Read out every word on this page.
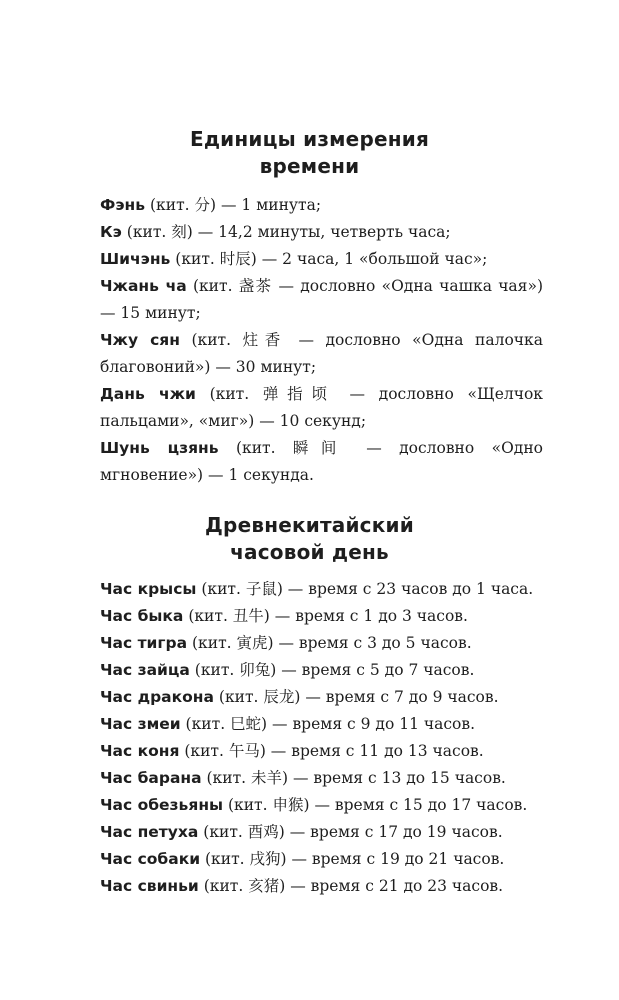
Единицы измерения
времени
Фэнь (кит. 分) — 1 минута;
Кэ (кит. 刻) — 14,2 минуты, четверть часа;
Шичэнь (кит. 时辰) — 2 часа, 1 «большой час»;
Чжань ча (кит. 盏茶 — дословно «Одна чашка чая») — 15 минут;
Чжу сян (кит. 炷香 — дословно «Одна палочка благовоний») — 30 минут;
Дань чжи (кит. 弹指顷 — дословно «Щелчок пальцами», «миг») — 10 секунд;
Шунь цзянь (кит. 瞬间 — дословно «Одно мгновение») — 1 секунда.
Древнекитайский
часовой день
Час крысы (кит. 子鼠) — время с 23 часов до 1 часа.
Час быка (кит. 丑牛) — время с 1 до 3 часов.
Час тигра (кит. 寅虎) — время с 3 до 5 часов.
Час зайца (кит. 卯兔) — время с 5 до 7 часов.
Час дракона (кит. 辰龙) — время с 7 до 9 часов.
Час змеи (кит. 巳蛇) — время с 9 до 11 часов.
Час коня (кит. 午马) — время с 11 до 13 часов.
Час барана (кит. 未羊) — время с 13 до 15 часов.
Час обезьяны (кит. 申猴) — время с 15 до 17 часов.
Час петуха (кит. 酉鸡) — время с 17 до 19 часов.
Час собаки (кит. 戌狗) — время с 19 до 21 часов.
Час свиньи (кит. 亥猪) — время с 21 до 23 часов.
